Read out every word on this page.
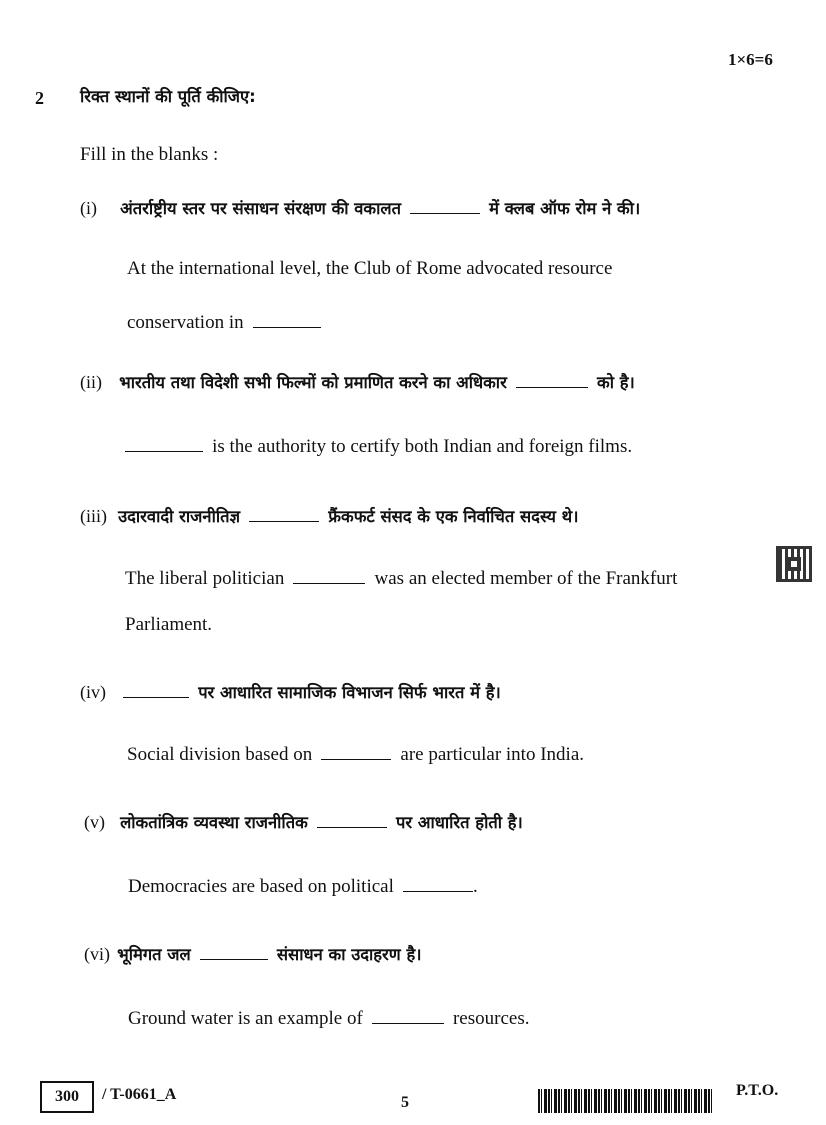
1×6=6
2 रिक्त स्थानों की पूर्ति कीजिए:
Fill in the blanks :
(i) अंतर्राष्ट्रीय स्तर पर संसाधन संरक्षण की वकालत	में क्लब ऑफ रोम ने की।
At the international level, the Club of Rome advocated resource
conservation in
(ii) भारतीय तथा विदेशी सभी फिल्मों को प्रमाणित करने का अधिकार	को है।
is the authority to certify both Indian and foreign films.
(iii) उदारवादी राजनीतिज्ञ	फ्रैंकफर्ट संसद के एक निर्वाचित सदस्य थे।
The liberal politician	was an elected member of the Frankfurt
Parliament.
(iv)	पर आधारित सामाजिक विभाजन सिर्फ भारत में है।
Social division based on	are particular into India.
(v) लोकतांत्रिक व्यवस्था राजनीतिक	पर आधारित होती है।
Democracies are based on political	.
(vi) भूमिगत जल	संसाधन का उदाहरण है।
Ground water is an example of	resources.
300	/ T-0661_A	5
P.T.O.
